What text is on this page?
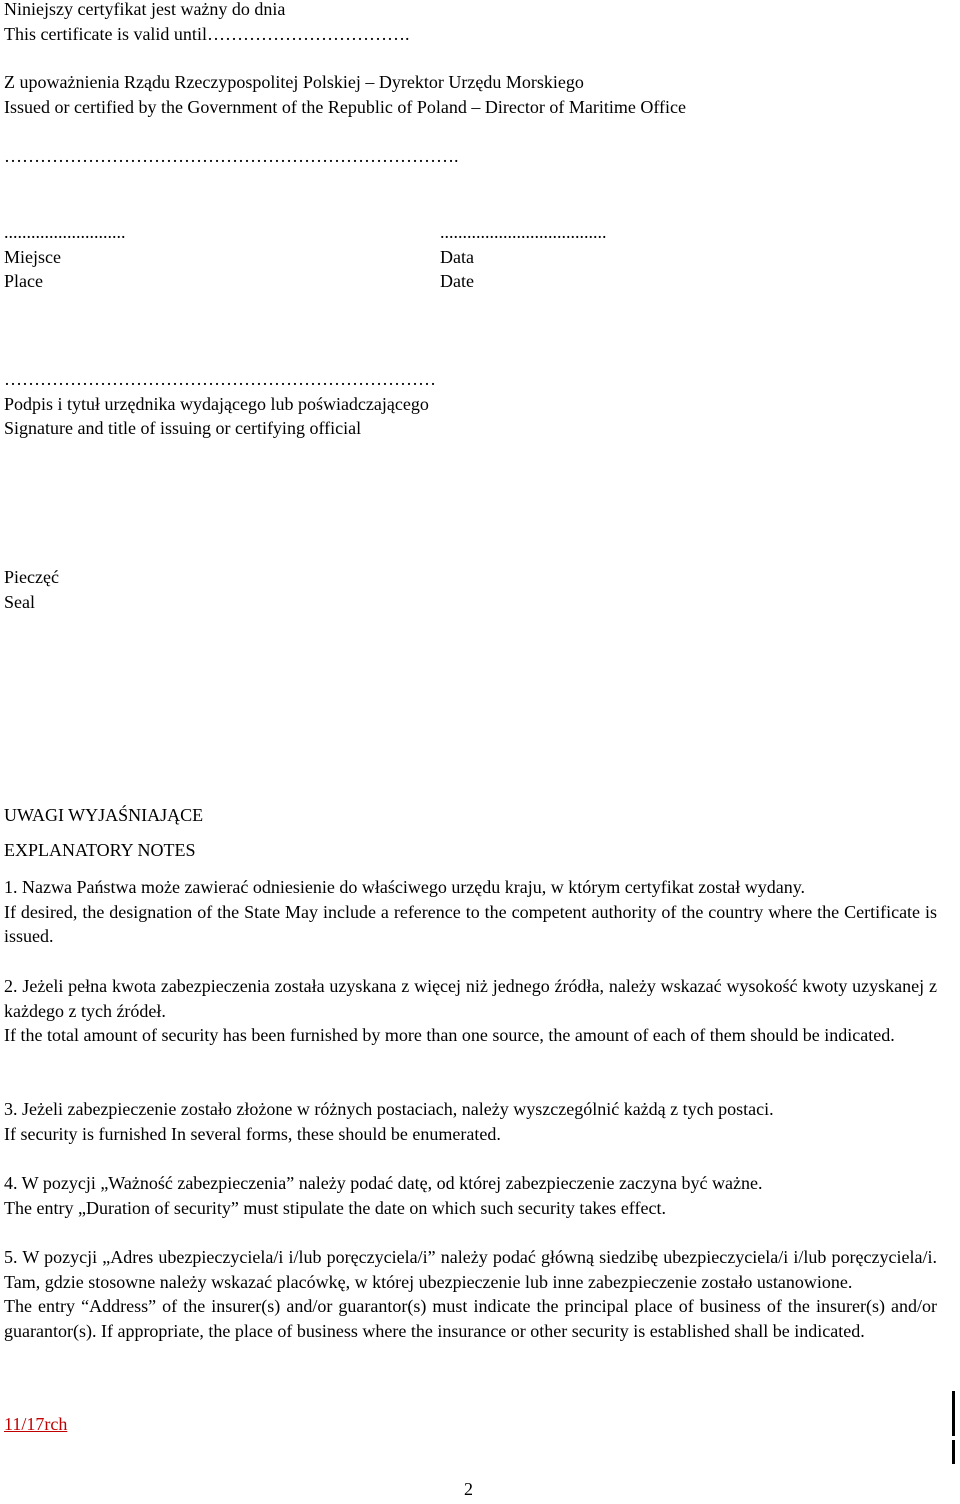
Niniejszy certyfikat jest ważny do dnia
This certificate is valid until…………………………….
Z upoważnienia Rządu Rzeczypospolitej Polskiej – Dyrektor Urzędu Morskiego
Issued or certified by the Government of the Republic of Poland – Director of Maritime Office
………………………………………………………………….
...........................
Miejsce
Place
.....................................
Data
Date
………………………………………………………………
Podpis i tytuł urzędnika wydającego lub poświadczającego
Signature and title of issuing or certifying official
Pieczęć
Seal
UWAGI WYJAŚNIAJĄCE
EXPLANATORY NOTES
1. Nazwa Państwa może zawierać odniesienie do właściwego urzędu kraju, w którym certyfikat został wydany.
If desired, the designation of the State May include a reference to the competent authority of the country where the Certificate is issued.
2. Jeżeli pełna kwota zabezpieczenia została uzyskana z więcej niż jednego źródła, należy wskazać wysokość kwoty uzyskanej z każdego z tych źródeł.
If the total amount of security has been furnished by more than one source, the amount of each of them should be indicated.
3. Jeżeli zabezpieczenie zostało złożone w różnych postaciach, należy wyszczególnić każdą z tych postaci.
If security is furnished In several forms, these should be enumerated.
4. W pozycji „Ważność zabezpieczenia” należy podać datę, od której zabezpieczenie zaczyna być ważne.
The entry „Duration of security” must stipulate the date on which such security takes effect.
5. W pozycji „Adres ubezpieczyciela/i i/lub poręczyciela/i” należy podać główną siedzibę ubezpieczyciela/i i/lub poręczyciela/i. Tam, gdzie stosowne należy wskazać placówkę, w której ubezpieczenie lub inne zabezpieczenie zostało ustanowione.
The entry “Address” of the insurer(s) and/or guarantor(s) must indicate the principal place of business of the insurer(s) and/or guarantor(s). If appropriate, the place of business where the insurance or other security is established shall be indicated.
11/17rch
2
